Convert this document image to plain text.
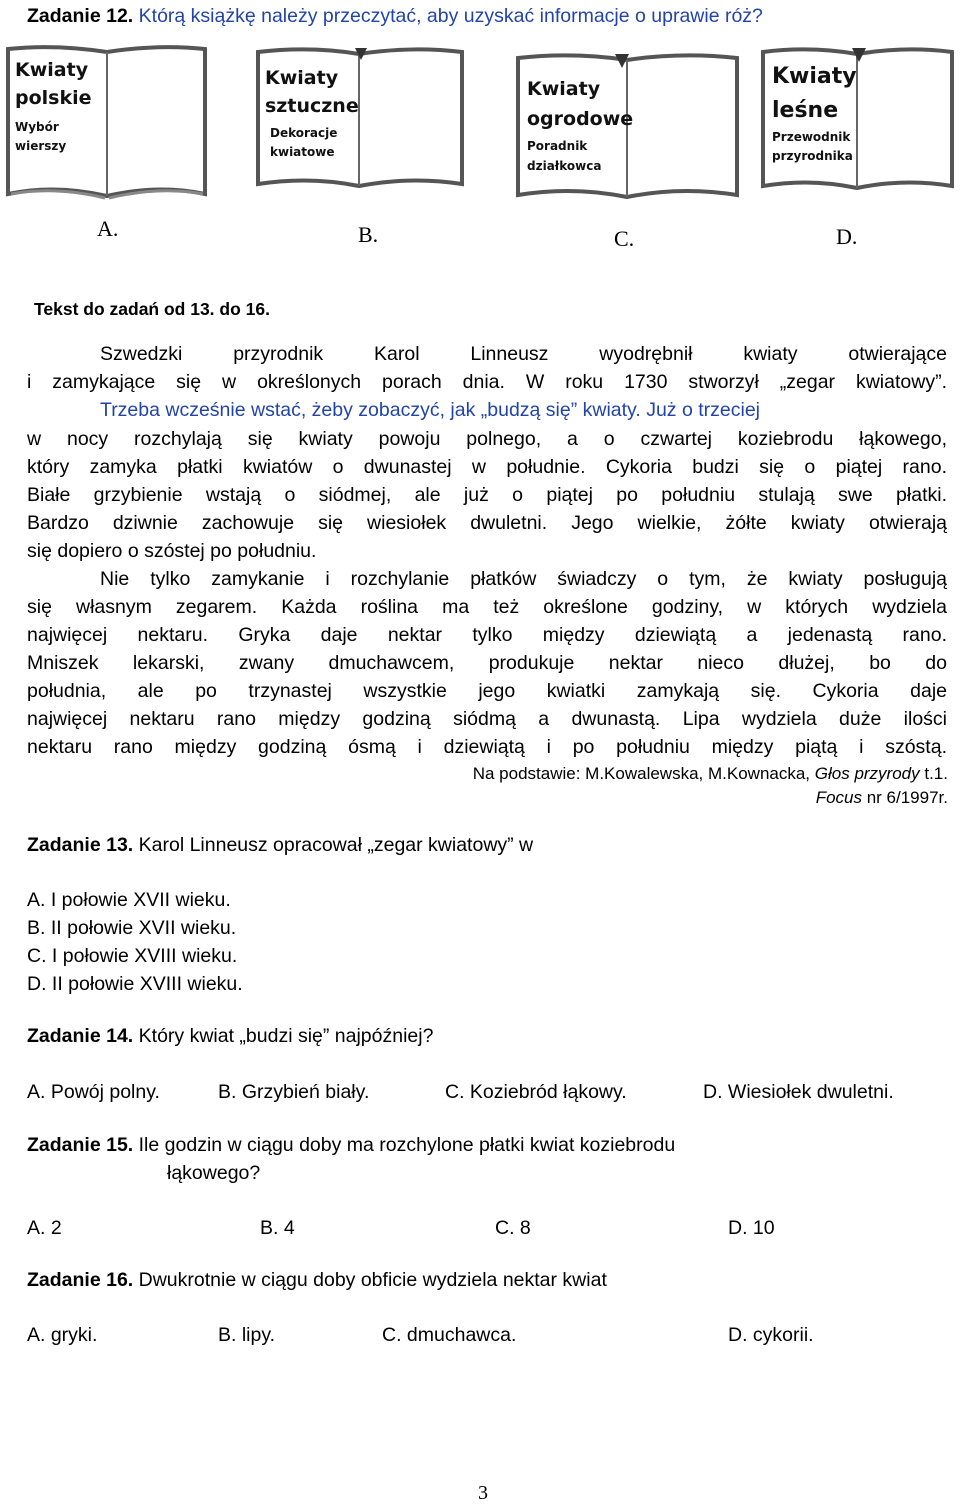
Zadanie 12. Którą książkę należy przeczytać, aby uzyskać informacje o uprawie róż?
Kwiaty
polskie
Wybór
wierszy
Kwiaty
sztuczne
Dekoracje
kwiatowe
Kwiaty
ogrodowe
Poradnik
działkowca
Kwiaty
leśne
Przewodnik
przyrodnika
A.	B.	C.	D.
Tekst do zadań od 13. do 16.
Szwedzki przyrodnik Karol Linneusz wyodrębnił kwiaty otwierające
i zamykające się w określonych porach dnia. W roku 1730 stworzył „zegar kwiatowy”.
Trzeba wcześnie wstać, żeby zobaczyć, jak „budzą się” kwiaty. Już o trzeciej
w nocy rozchylają się kwiaty powoju polnego, a o czwartej koziebrodu łąkowego,
który zamyka płatki kwiatów o dwunastej w południe. Cykoria budzi się o piątej rano.
Białe grzybienie wstają o siódmej, ale już o piątej po południu stulają swe płatki.
Bardzo dziwnie zachowuje się wiesiołek dwuletni. Jego wielkie, żółte kwiaty otwierają
się dopiero o szóstej po południu.
Nie tylko zamykanie i rozchylanie płatków świadczy o tym, że kwiaty posługują
się własnym zegarem. Każda roślina ma też określone godziny, w których wydziela
najwięcej nektaru. Gryka daje nektar tylko między dziewiątą a jedenastą rano.
Mniszek lekarski, zwany dmuchawcem, produkuje nektar nieco dłużej, bo do
południa, ale po trzynastej wszystkie jego kwiatki zamykają się. Cykoria daje
najwięcej nektaru rano między godziną siódmą a dwunastą. Lipa wydziela duże ilości
nektaru rano między godziną ósmą i dziewiątą i po południu między piątą i szóstą.
Na podstawie: M.Kowalewska, M.Kownacka, Głos przyrody t.1.
Focus nr 6/1997r.
Zadanie 13. Karol Linneusz opracował „zegar kwiatowy” w
A. I połowie XVII wieku.
B. II połowie XVII wieku.
C. I połowie XVIII wieku.
D. II połowie XVIII wieku.
Zadanie 14. Który kwiat „budzi się” najpóźniej?
A. Powój polny.	B. Grzybień biały.	C. Koziebród łąkowy.	D. Wiesiołek dwuletni.
Zadanie 15. Ile godzin w ciągu doby ma rozchylone płatki kwiat koziebrodu
łąkowego?
A. 2	B. 4	C. 8	D. 10
Zadanie 16. Dwukrotnie w ciągu doby obficie wydziela nektar kwiat
A. gryki.	B. lipy.	C. dmuchawca.	D. cykorii.
3
